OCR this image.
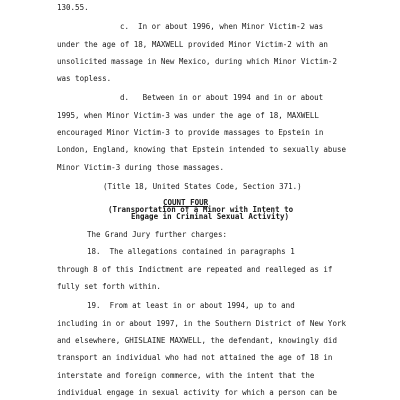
130.55.
c.  In or about 1996, when Minor Victim-2 was
under the age of 18, MAXWELL provided Minor Victim-2 with an
unsolicited massage in New Mexico, during which Minor Victim-2
was topless.
d.   Between in or about 1994 and in or about
1995, when Minor Victim-3 was under the age of 18, MAXWELL
encouraged Minor Victim-3 to provide massages to Epstein in
London, England, knowing that Epstein intended to sexually abuse
Minor Victim-3 during those massages.
(Title 18, United States Code, Section 371.)
COUNT FOUR
(Transportation of a Minor with Intent to
Engage in Criminal Sexual Activity)
The Grand Jury further charges:
18.  The allegations contained in paragraphs 1
through 8 of this Indictment are repeated and realleged as if
fully set forth within.
19.  From at least in or about 1994, up to and
including in or about 1997, in the Southern District of New York
and elsewhere, GHISLAINE MAXWELL, the defendant, knowingly did
transport an individual who had not attained the age of 18 in
interstate and foreign commerce, with the intent that the
individual engage in sexual activity for which a person can be
